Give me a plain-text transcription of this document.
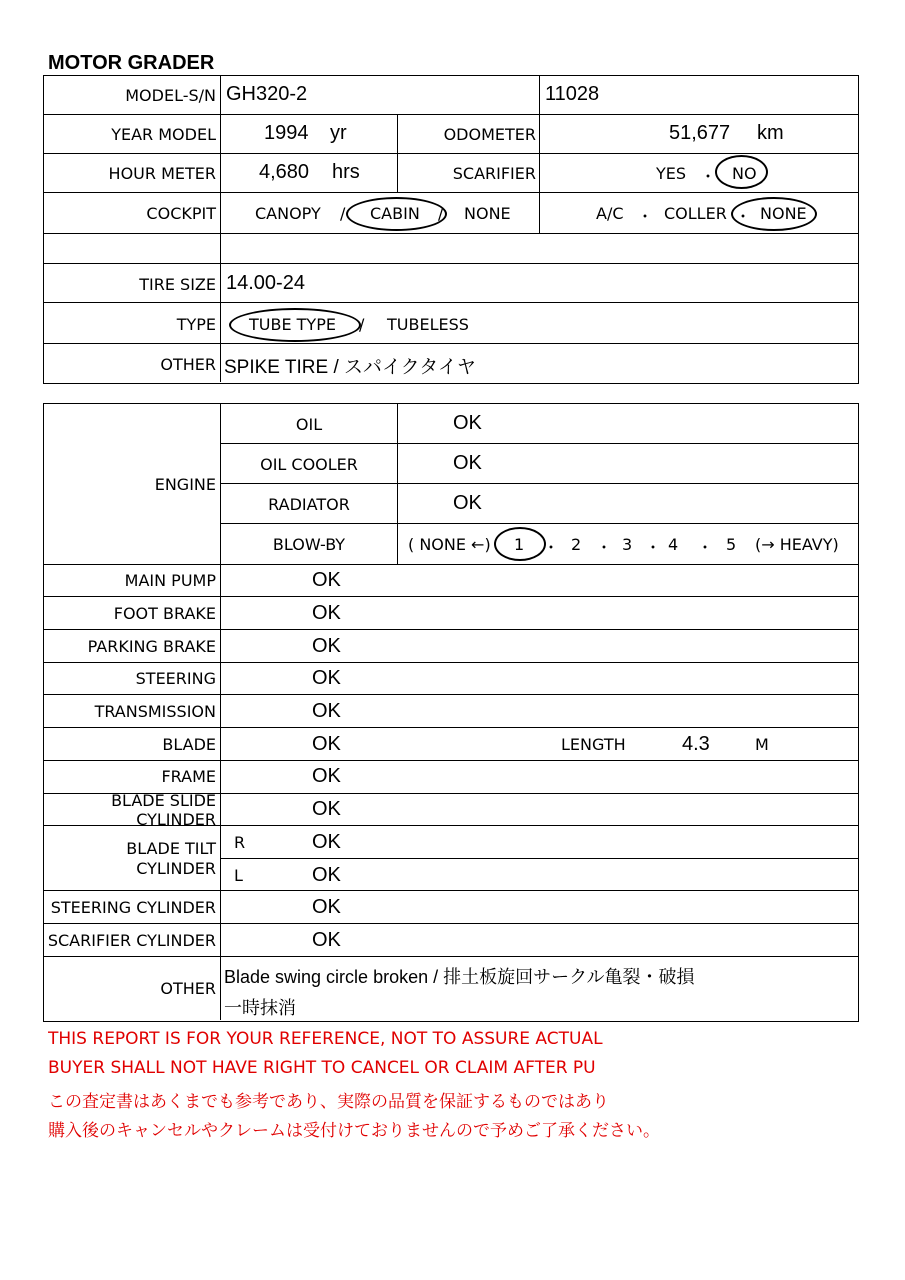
MOTOR GRADER
MODEL-S/N GH320-2	11028
YEAR MODEL 1994 yr	ODOMETER	51,677 km
HOUR METER 4,680 hrs	SCARIFIER	YES ・ NO
COCKPIT CANOPY / CABIN / NONE	A/C ・ COLLER ・ NONE
TIRE SIZE 14.00-24
TYPE TUBE TYPE / TUBELESS
OTHER SPIKE TIRE / スパイクタイヤ
ENGINE
OIL	OK
OIL COOLER	OK
RADIATOR	OK
BLOW-BY	( NONE ←) 1 ・ 2 ・ 3 ・ 4 ・ 5 (→ HEAVY)
MAIN PUMP	OK
FOOT BRAKE	OK
PARKING BRAKE	OK
STEERING	OK
TRANSMISSION	OK
BLADE	OK	LENGTH	4.3	M
FRAME	OK
BLADE SLIDE
CYLINDER	OK
BLADE TILT
CYLINDER
R	OK
L	OK
STEERING CYLINDER	OK
SCARIFIER CYLINDER	OK
OTHER
Blade swing circle broken / 排土板旋回サークル亀裂・破損
一時抹消
THIS REPORT IS FOR YOUR REFERENCE, NOT TO ASSURE ACTUAL
BUYER SHALL NOT HAVE RIGHT TO CANCEL OR CLAIM AFTER PU
この査定書はあくまでも参考であり、実際の品質を保証するものではあり
購入後のキャンセルやクレームは受付けておりませんので予めご了承ください。
